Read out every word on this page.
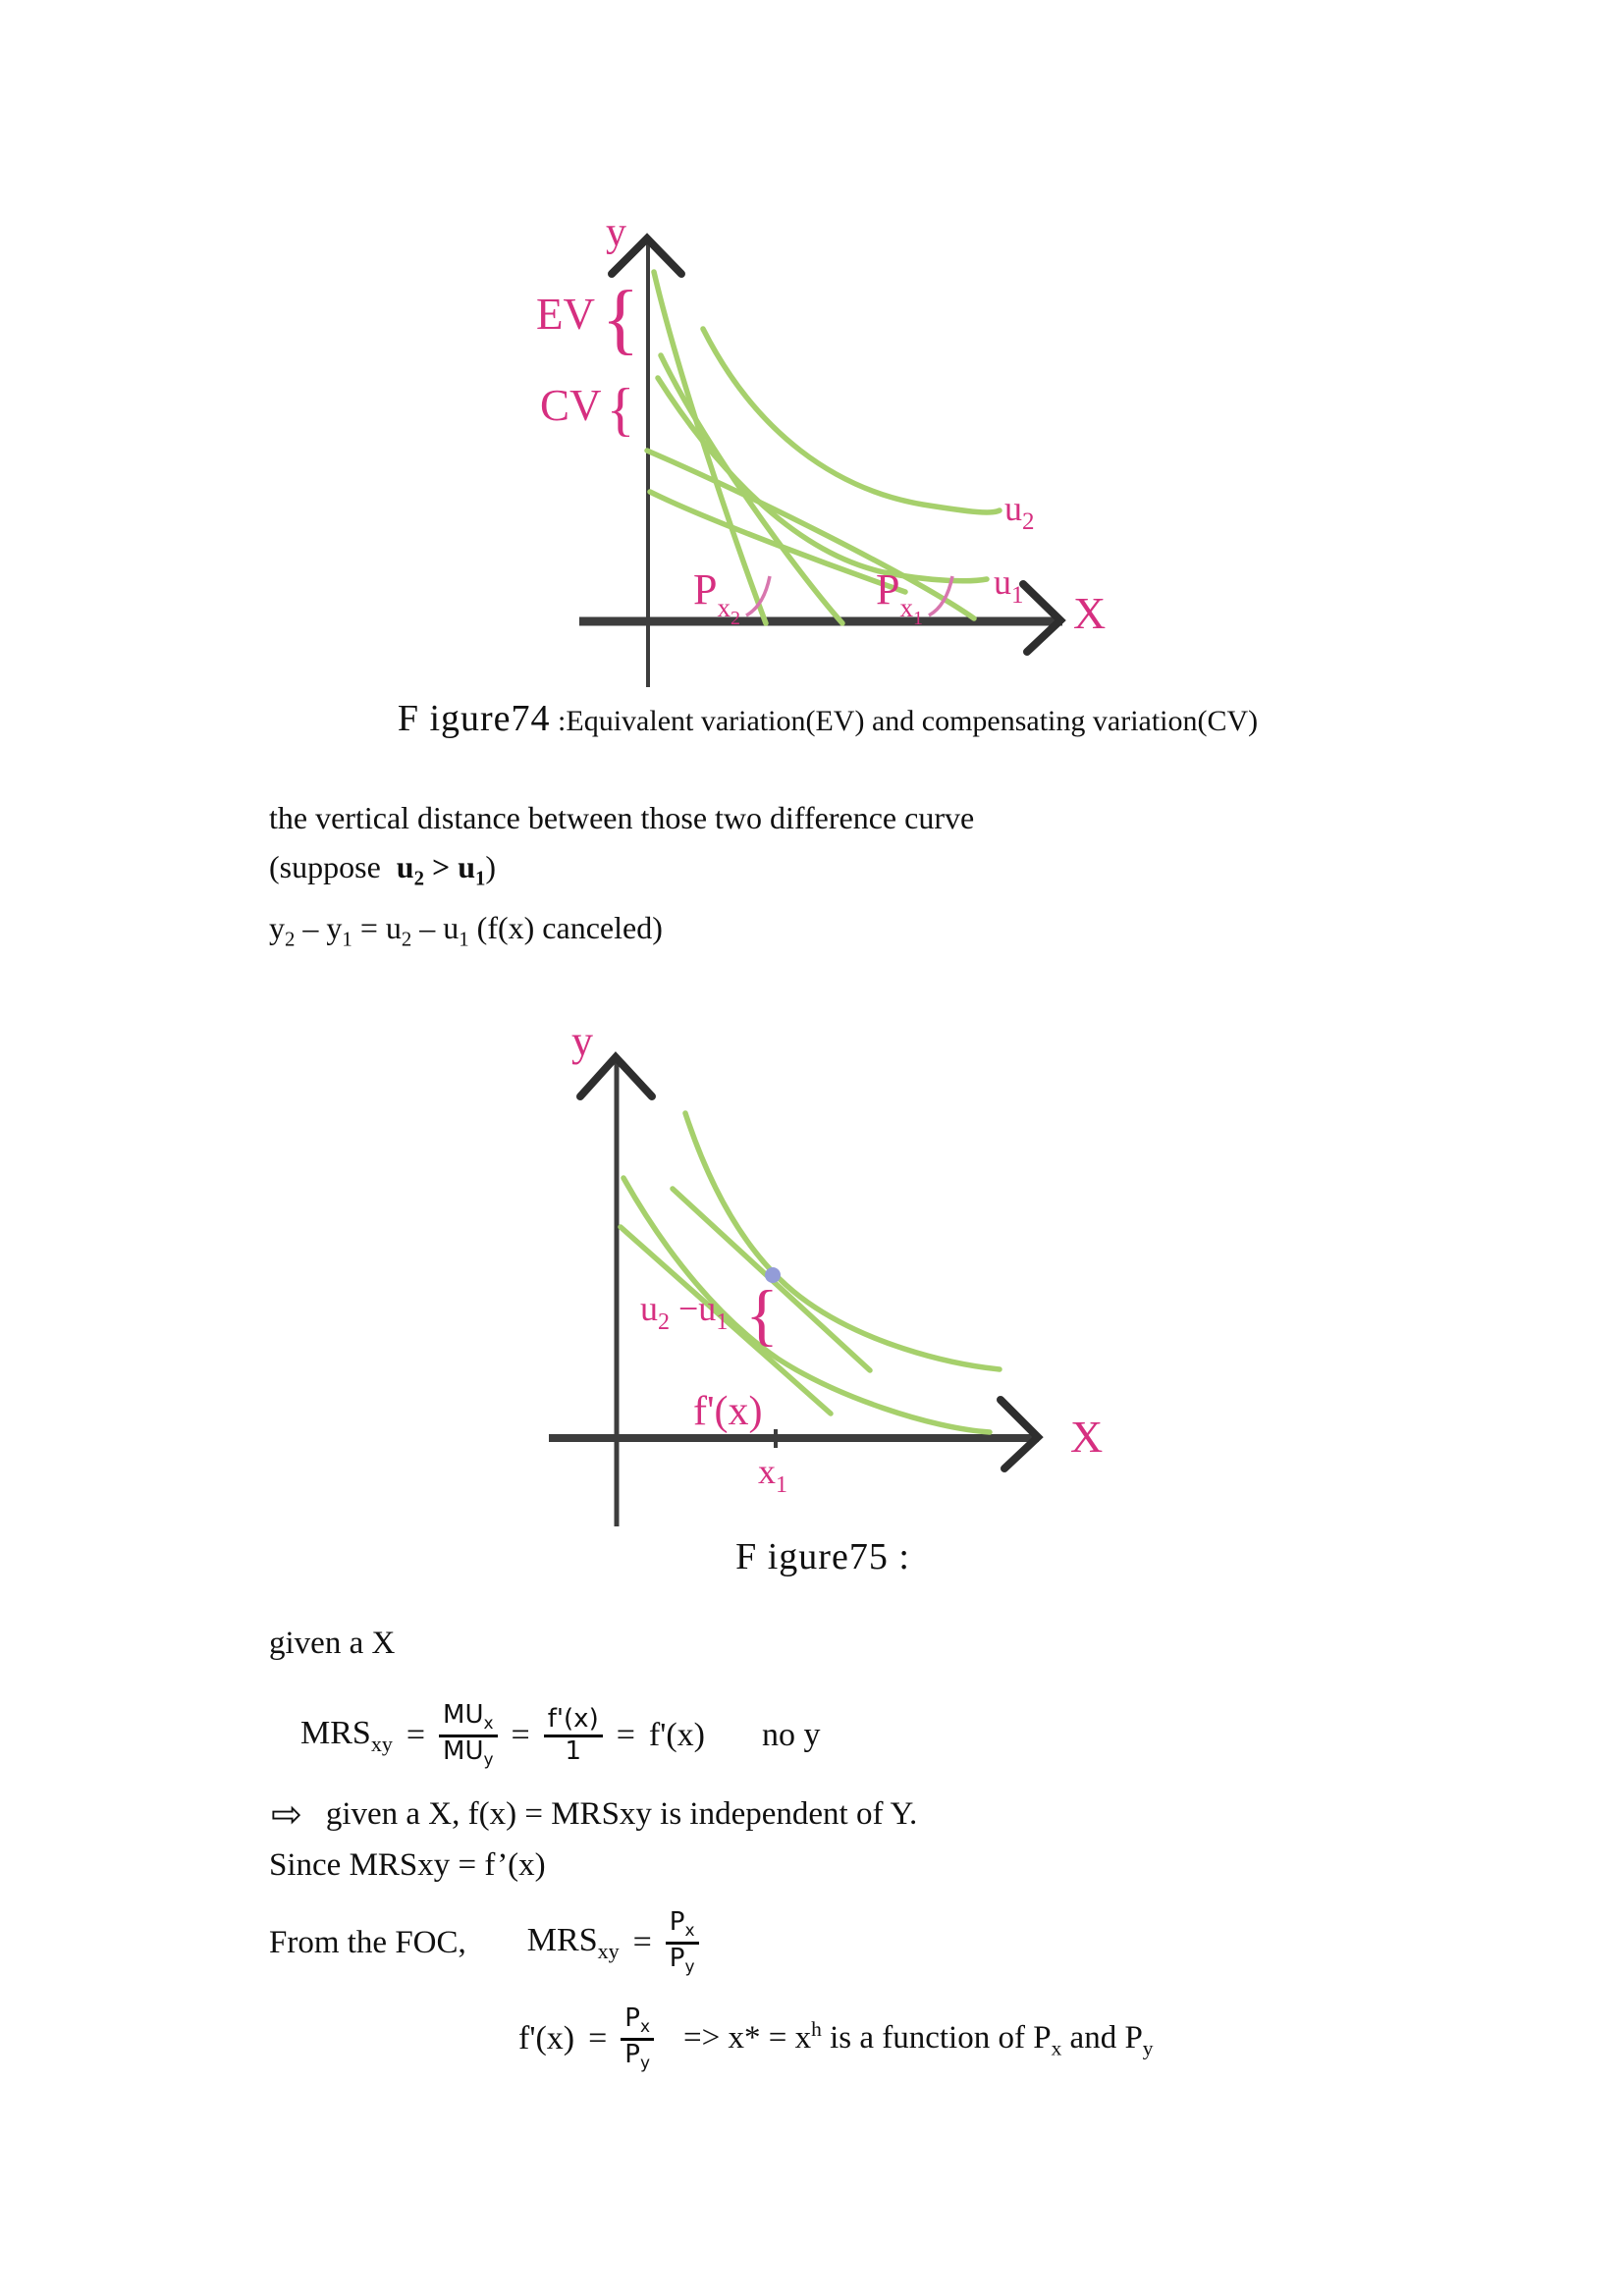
y
X
EV
CV
{
{
$u_2$
$u_1$
$P_x2$
$P_x1$
F igure74 :Equivalent variation(EV) and compensating variation(CV)
the vertical distance between those two difference curve
(suppose  $u_2 > u_1$)
$y_2 - y_1 = u_2 - u_1$ (f(x) canceled)
y
X
f'(x)
$x_1$
$u_2 -u_1$ {
F igure75 :
given a X
$MRS_{xy} = \frac{MU_x}{MU_y} = \frac{f'(x)}{1} = f'(x)$ no y
⇨ given a X, f(x) = MRSxy is independent of Y.
Since MRSxy = f’(x)
From the FOC, $MRS_{xy} = \frac{P_x}{P_y}$
$f'(x) = \frac{P_x}{P_y} => x* = x^h$ is a function of $P_x$ and $P_y$
